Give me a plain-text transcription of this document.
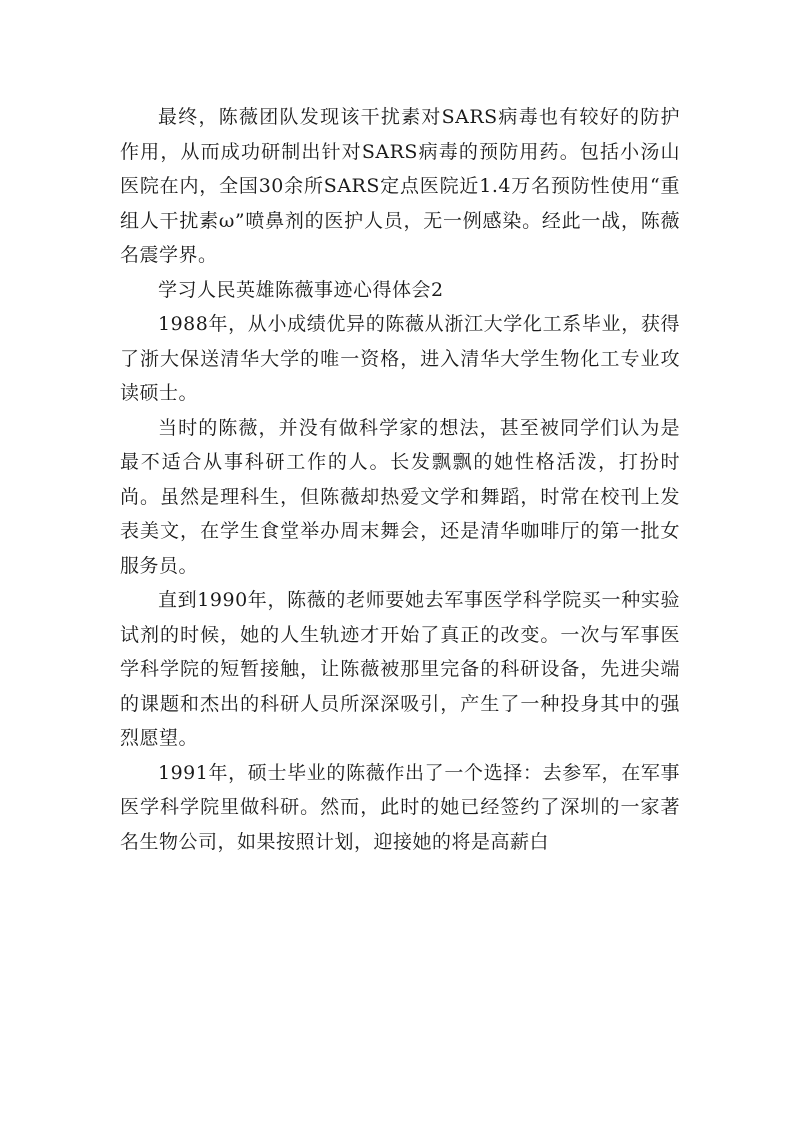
最终，陈薇团队发现该干扰素对SARS病毒也有较好的防护作用，从而成功研制出针对SARS病毒的预防用药。包括小汤山医院在内，全国30余所SARS定点医院近1.4万名预防性使用“重组人干扰素ω”喷鼻剂的医护人员，无一例感染。经此一战，陈薇名震学界。

学习人民英雄陈薇事迹心得体会2

1988年，从小成绩优异的陈薇从浙江大学化工系毕业，获得了浙大保送清华大学的唯一资格，进入清华大学生物化工专业攻读硕士。

当时的陈薇，并没有做科学家的想法，甚至被同学们认为是最不适合从事科研工作的人。长发飘飘的她性格活泼，打扮时尚。虽然是理科生，但陈薇却热爱文学和舞蹈，时常在校刊上发表美文，在学生食堂举办周末舞会，还是清华咖啡厅的第一批女服务员。

直到1990年，陈薇的老师要她去军事医学科学院买一种实验试剂的时候，她的人生轨迹才开始了真正的改变。一次与军事医学科学院的短暂接触，让陈薇被那里完备的科研设备，先进尖端的课题和杰出的科研人员所深深吸引，产生了一种投身其中的强烈愿望。

1991年，硕士毕业的陈薇作出了一个选择：去参军，在军事医学科学院里做科研。然而，此时的她已经签约了深圳的一家著名生物公司，如果按照计划，迎接她的将是高薪白
